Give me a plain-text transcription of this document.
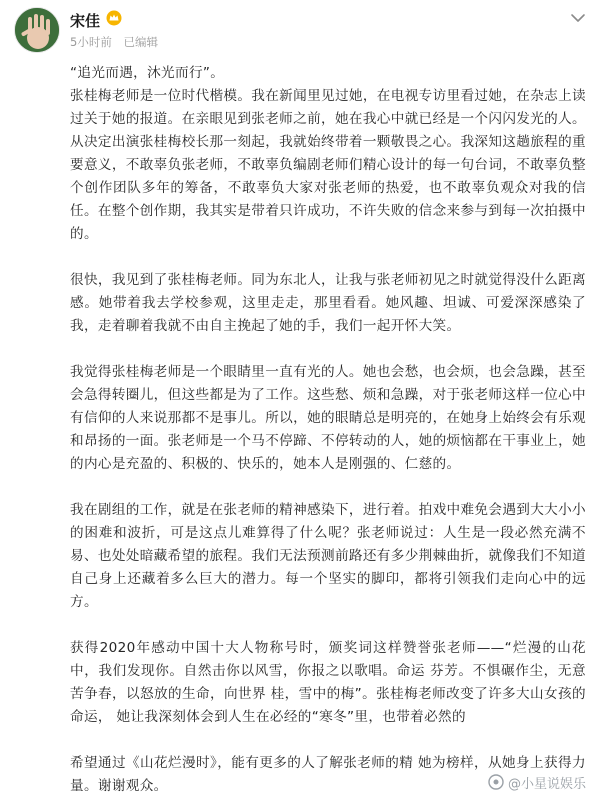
宋佳
5小时前 已编辑

“追光而遇，沐光而行”。

张桂梅老师是一位时代楷模。我在新闻里见过她，在电视专访里看过她，在杂志上读过关于她的报道。在亲眼见到张老师之前，她在我心中就已经是一个闪闪发光的人。从决定出演张桂梅校长那一刻起，我就始终带着一颗敬畏之心。我深知这趟旅程的重要意义，不敢辜负张老师，不敢辜负编剧老师们精心设计的每一句台词，不敢辜负整个创作团队多年的筹备，不敢辜负大家对张老师的热爱，也不敢辜负观众对我的信任。在整个创作期，我其实是带着只许成功，不许失败的信念来参与到每一次拍摄中的。

很快，我见到了张桂梅老师。同为东北人，让我与张老师初见之时就觉得没什么距离感。她带着我去学校参观，这里走走，那里看看。她风趣、坦诚、可爱深深感染了我，走着聊着我就不由自主挽起了她的手，我们一起开怀大笑。

我觉得张桂梅老师是一个眼睛里一直有光的人。她也会愁，也会烦，也会急躁，甚至会急得转圈儿，但这些都是为了工作。这些愁、烦和急躁，对于张老师这样一位心中有信仰的人来说那都不是事儿。所以，她的眼睛总是明亮的，在她身上始终会有乐观和昂扬的一面。张老师是一个马不停蹄、不停转动的人，她的烦恼都在干事业上，她的内心是充盈的、积极的、快乐的，她本人是刚强的、仁慈的。

我在剧组的工作，就是在张老师的精神感染下，进行着。拍戏中难免会遇到大大小小的困难和波折，可是这点儿难算得了什么呢？张老师说过：人生是一段必然充满不易、也处处暗藏希望的旅程。我们无法预测前路还有多少荆棘曲折，就像我们不知道自己身上还藏着多么巨大的潜力。每一个坚实的脚印，都将引领我们走向心中的远方。

获得2020年感动中国十大人物称号时，颁奖词这样赞誉张老师——“烂漫的山花中，我们发现你。自然击你以风雪，你报之以歌唱。命运 芬芳。不惧碾作尘，无意苦争春，以怒放的生命，向世界 桂，雪中的梅”。张桂梅老师改变了许多大山女孩的命运， 她让我深刻体会到人生在必经的“寒冬”里，也带着必然的

希望通过《山花烂漫时》，能有更多的人了解张老师的精 她为榜样，从她身上获得力量。谢谢观众。	@小星说娱乐
